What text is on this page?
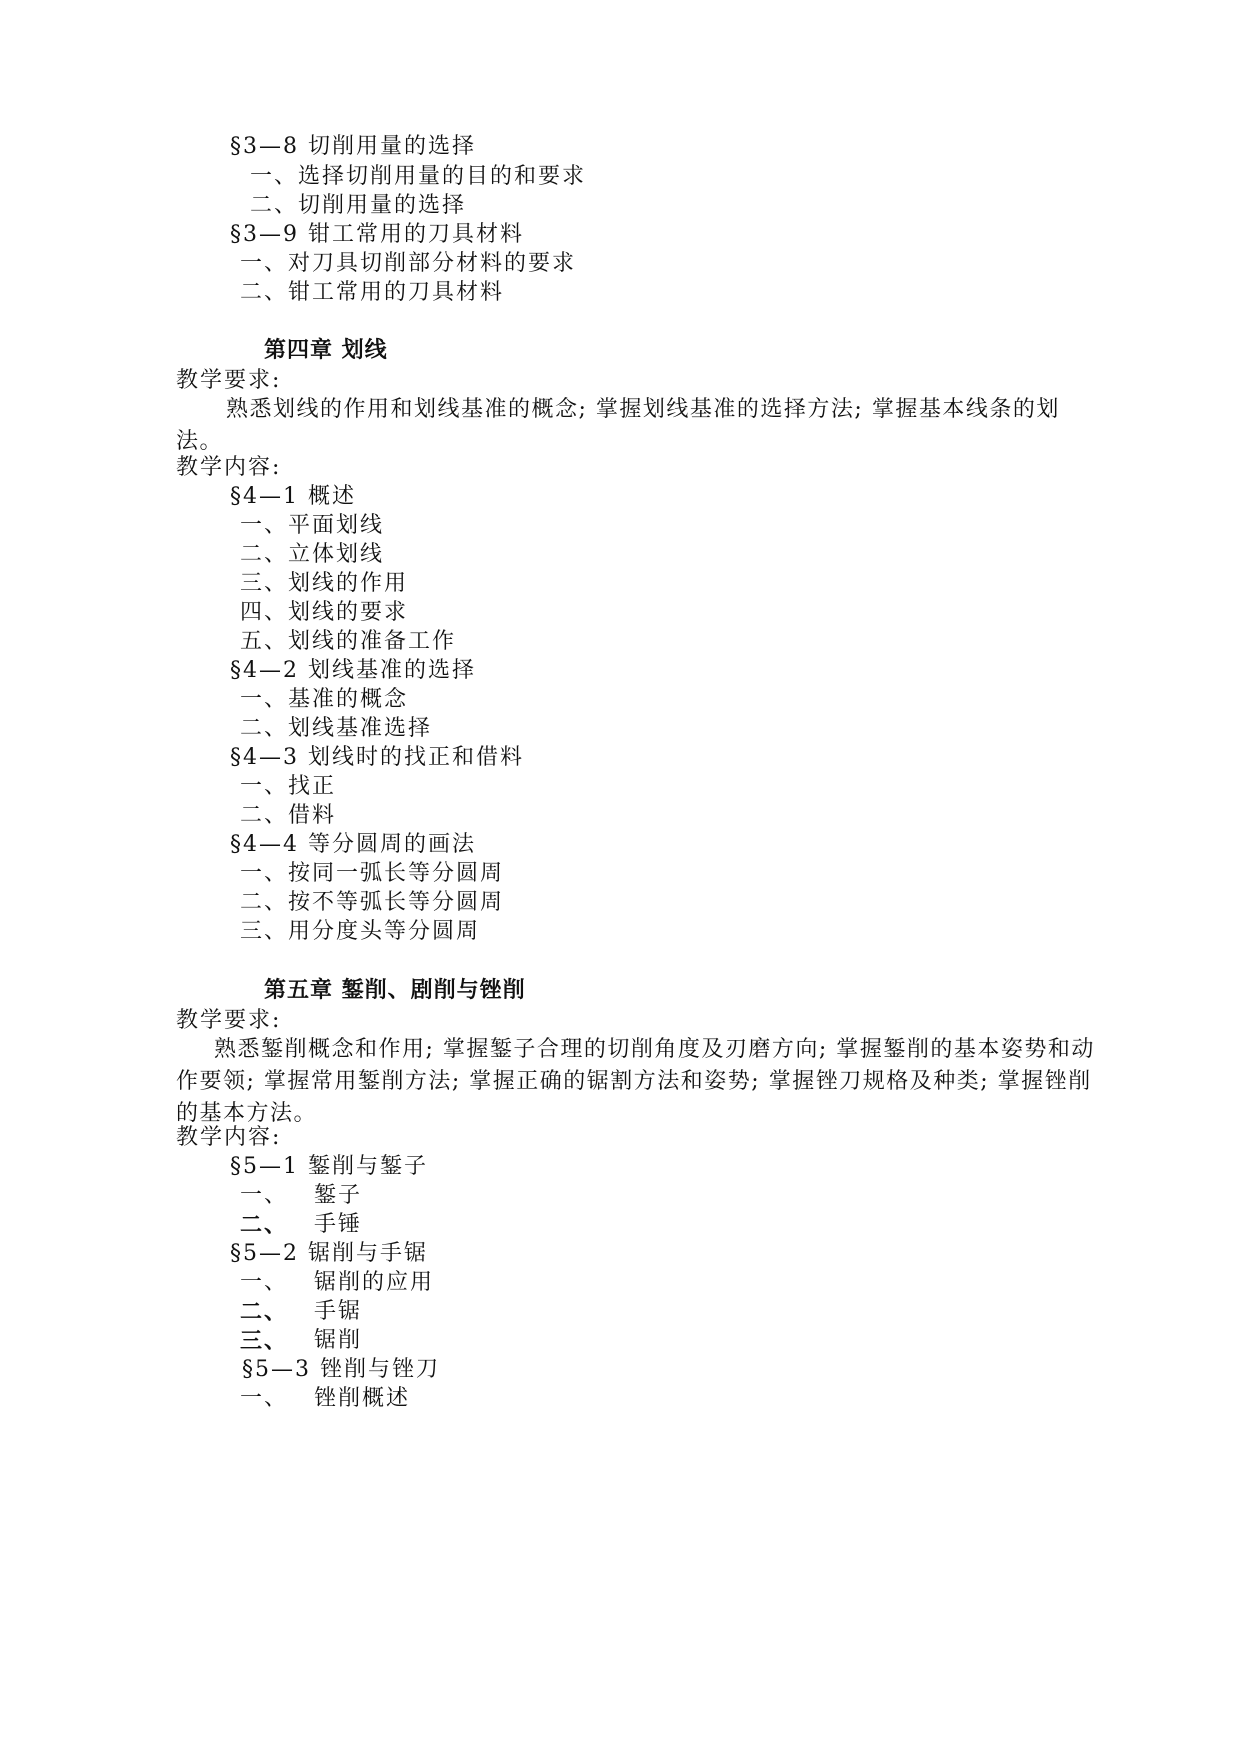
§3—8 切削用量的选择
一、选择切削用量的目的和要求
二、切削用量的选择
§3—9 钳工常用的刀具材料
一、对刀具切削部分材料的要求
二、钳工常用的刀具材料
第四章 划线
教学要求:
熟悉划线的作用和划线基准的概念; 掌握划线基准的选择方法; 掌握基本线条的划法。
教学内容:
§4—1 概述
一、平面划线
二、立体划线
三、划线的作用
四、划线的要求
五、划线的准备工作
§4—2 划线基准的选择
一、基准的概念
二、划线基准选择
§4—3 划线时的找正和借料
一、找正
二、借料
§4—4 等分圆周的画法
一、按同一弧长等分圆周
二、按不等弧长等分圆周
三、用分度头等分圆周
第五章 錾削、剧削与锉削
教学要求:
熟悉錾削概念和作用; 掌握錾子合理的切削角度及刃磨方向; 掌握錾削的基本姿势和动作要领; 掌握常用錾削方法; 掌握正确的锯割方法和姿势; 掌握锉刀规格及种类; 掌握锉削的基本方法。
教学内容:
§5—1 錾削与錾子
一、 錾子
二、 手锤
§5—2 锯削与手锯
一、 锯削的应用
二、 手锯
三、 锯削
§5—3 锉削与锉刀
一、 锉削概述
